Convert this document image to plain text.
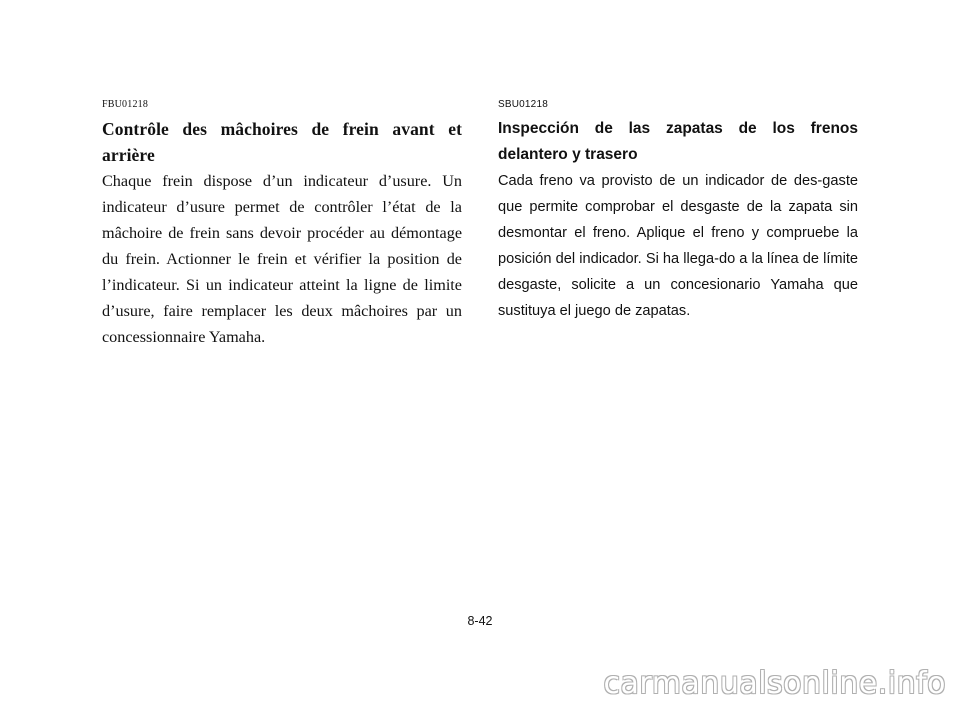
FBU01218

Contrôle des mâchoires de frein avant et arrière

Chaque frein dispose d’un indicateur d’usure. Un indicateur d’usure permet de contrôler l’état de la mâchoire de frein sans devoir procéder au démontage du frein. Actionner le frein et vérifier la position de l’indicateur. Si un indicateur atteint la ligne de limite d’usure, faire remplacer les deux mâchoires par un concessionnaire Yamaha.

SBU01218

Inspección de las zapatas de los frenos delantero y trasero

Cada freno va provisto de un indicador de des-gaste que permite comprobar el desgaste de la zapata sin desmontar el freno. Aplique el freno y compruebe la posición del indicador. Si ha llega-do a la línea de límite desgaste, solicite a un concesionario Yamaha que sustituya el juego de zapatas.

8-42
carmanualsonline.info
